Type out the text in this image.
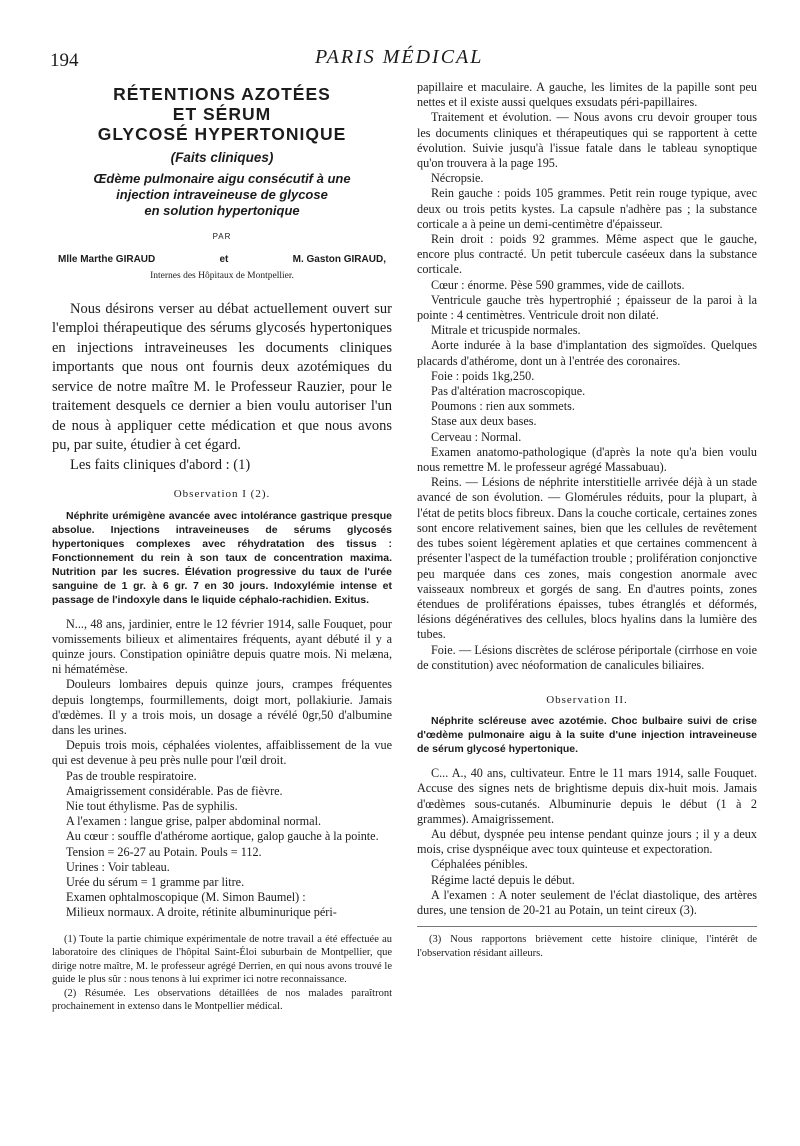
194	PARIS MÉDICAL
RÉTENTIONS AZOTÉES
ET SÉRUM
GLYCOSÉ HYPERTONIQUE
(Faits cliniques)
Œdème pulmonaire aigu consécutif à une
injection intraveineuse de glycose
en solution hypertonique
PAR
Mlle Marthe GIRAUD	et	M. Gaston GIRAUD,
Internes des Hôpitaux de Montpellier.

Nous désirons verser au débat actuellement ouvert sur l'emploi thérapeutique des sérums glycosés hypertoniques en injections intraveineuses les documents cliniques importants que nous ont fournis deux azotémiques du service de notre maître M. le Professeur Rauzier, pour le traitement desquels ce dernier a bien voulu autoriser l'un de nous à appliquer cette médication et que nous avons pu, par suite, étudier à cet égard.

Les faits cliniques d'abord : (1)

Observation I (2).

Néphrite urémigène avancée avec intolérance gastrique presque absolue. Injections intraveineuses de sérums glycosés hypertoniques complexes avec réhydratation des tissus : Fonctionnement du rein à son taux de concentration maxima. Nutrition par les sucres. Élévation progressive du taux de l'urée sanguine de 1 gr. à 6 gr. 7 en 30 jours. Indoxylémie intense et passage de l'indoxyle dans le liquide céphalo-rachidien. Exitus.

N..., 48 ans, jardinier, entre le 12 février 1914, salle Fouquet, pour vomissements bilieux et alimentaires fréquents, ayant débuté il y a quinze jours. Constipation opiniâtre depuis quatre mois. Ni melæna, ni hématémèse.

Douleurs lombaires depuis quinze jours, crampes fréquentes depuis longtemps, fourmillements, doigt mort, pollakiurie. Jamais d'œdèmes. Il y a trois mois, un dosage a révélé 0gr,50 d'albumine dans les urines.

Depuis trois mois, céphalées violentes, affaiblissement de la vue qui est devenue à peu près nulle pour l'œil droit.

Pas de trouble respiratoire.

Amaigrissement considérable. Pas de fièvre.

Nie tout éthylisme. Pas de syphilis.

A l'examen : langue grise, palper abdominal normal.

Au cœur : souffle d'athérome aortique, galop gauche à la pointe.

Tension = 26-27 au Potain. Pouls = 112.

Urines : Voir tableau.

Urée du sérum = 1 gramme par litre.

Examen ophtalmoscopique (M. Simon Baumel) :

Milieux normaux. A droite, rétinite albuminurique péri-

(1) Toute la partie chimique expérimentale de notre travail a été effectuée au laboratoire des cliniques de l'hôpital Saint-Éloi suburbain de Montpellier, que dirige notre maître, M. le professeur agrégé Derrien, en qui nous avons trouvé le guide le plus sûr : nous tenons à lui exprimer ici notre reconnaissance.

(2) Résumée. Les observations détaillées de nos malades paraîtront prochainement in extenso dans le Montpellier médical.

papillaire et maculaire. A gauche, les limites de la papille sont peu nettes et il existe aussi quelques exsudats péri-papillaires.

Traitement et évolution. — Nous avons cru devoir grouper tous les documents cliniques et thérapeutiques qui se rapportent à cette évolution. Suivie jusqu'à l'issue fatale dans le tableau synoptique qu'on trouvera à la page 195.

Nécropsie.

Rein gauche : poids 105 grammes. Petit rein rouge typique, avec deux ou trois petits kystes. La capsule n'adhère pas ; la substance corticale a à peine un demi-centimètre d'épaisseur.

Rein droit : poids 92 grammes. Même aspect que le gauche, encore plus contracté. Un petit tubercule caséeux dans la substance corticale.

Cœur : énorme. Pèse 590 grammes, vide de caillots.

Ventricule gauche très hypertrophié ; épaisseur de la paroi à la pointe : 4 centimètres. Ventricule droit non dilaté.

Mitrale et tricuspide normales.

Aorte indurée à la base d'implantation des sigmoïdes. Quelques placards d'athérome, dont un à l'entrée des coronaires.

Foie : poids 1kg,250.

Pas d'altération macroscopique.

Poumons : rien aux sommets.

Stase aux deux bases.

Cerveau : Normal.

Examen anatomo-pathologique (d'après la note qu'a bien voulu nous remettre M. le professeur agrégé Massabuau).

Reins. — Lésions de néphrite interstitielle arrivée déjà à un stade avancé de son évolution. — Glomérules réduits, pour la plupart, à l'état de petits blocs fibreux. Dans la couche corticale, certaines zones sont encore relativement saines, bien que les cellules de revêtement des tubes soient légèrement aplaties et que certaines commencent à présenter l'aspect de la tuméfaction trouble ; prolifération conjonctive peu marquée dans ces zones, mais congestion anormale avec vaisseaux nombreux et gorgés de sang. En d'autres points, zones étendues de proliférations épaisses, tubes étranglés et déformés, lésions dégénératives des cellules, blocs hyalins dans la lumière des tubes.

Foie. — Lésions discrètes de sclérose périportale (cirrhose en voie de constitution) avec néoformation de canalicules biliaires.

Observation II.

Néphrite scléreuse avec azotémie. Choc bulbaire suivi de crise d'œdème pulmonaire aigu à la suite d'une injection intraveineuse de sérum glycosé hypertonique.

C... A., 40 ans, cultivateur. Entre le 11 mars 1914, salle Fouquet. Accuse des signes nets de brightisme depuis dix-huit mois. Jamais d'œdèmes sous-cutanés. Albuminurie depuis le début (1 à 2 grammes). Amaigrissement.

Au début, dyspnée peu intense pendant quinze jours ; il y a deux mois, crise dyspnéique avec toux quinteuse et expectoration.

Céphalées pénibles.

Régime lacté depuis le début.

A l'examen : A noter seulement de l'éclat diastolique, des artères dures, une tension de 20-21 au Potain, un teint cireux (3).

(3) Nous rapportons brièvement cette histoire clinique, l'intérêt de l'observation résidant ailleurs.
